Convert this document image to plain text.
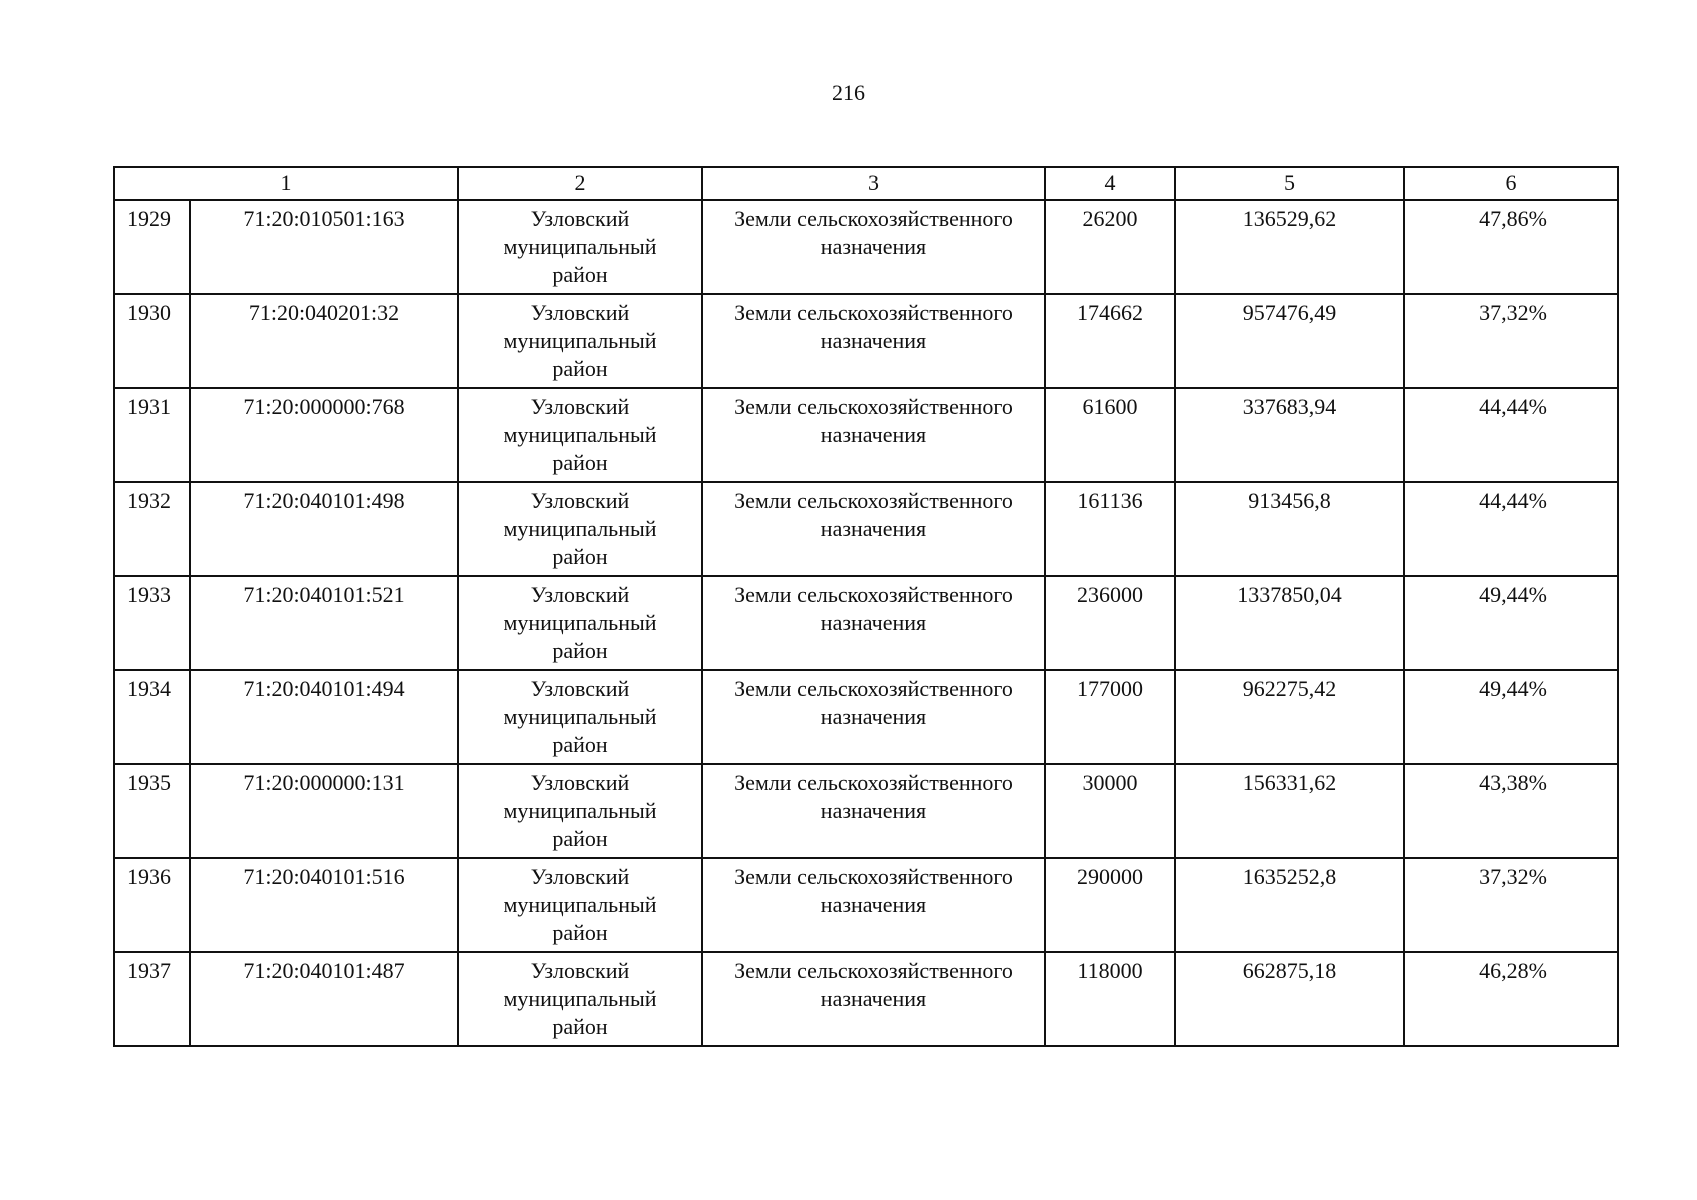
216
1		2	3	4	5	6
1929	71:20:010501:163	Узловский
муниципальный
район	Земли сельскохозяйственного
назначения	26200	136529,62	47,86%
1930	71:20:040201:32	Узловский
муниципальный
район	Земли сельскохозяйственного
назначения	174662	957476,49	37,32%
1931	71:20:000000:768	Узловский
муниципальный
район	Земли сельскохозяйственного
назначения	61600	337683,94	44,44%
1932	71:20:040101:498	Узловский
муниципальный
район	Земли сельскохозяйственного
назначения	161136	913456,8	44,44%
1933	71:20:040101:521	Узловский
муниципальный
район	Земли сельскохозяйственного
назначения	236000	1337850,04	49,44%
1934	71:20:040101:494	Узловский
муниципальный
район	Земли сельскохозяйственного
назначения	177000	962275,42	49,44%
1935	71:20:000000:131	Узловский
муниципальный
район	Земли сельскохозяйственного
назначения	30000	156331,62	43,38%
1936	71:20:040101:516	Узловский
муниципальный
район	Земли сельскохозяйственного
назначения	290000	1635252,8	37,32%
1937	71:20:040101:487	Узловский
муниципальный
район	Земли сельскохозяйственного
назначения	118000	662875,18	46,28%
